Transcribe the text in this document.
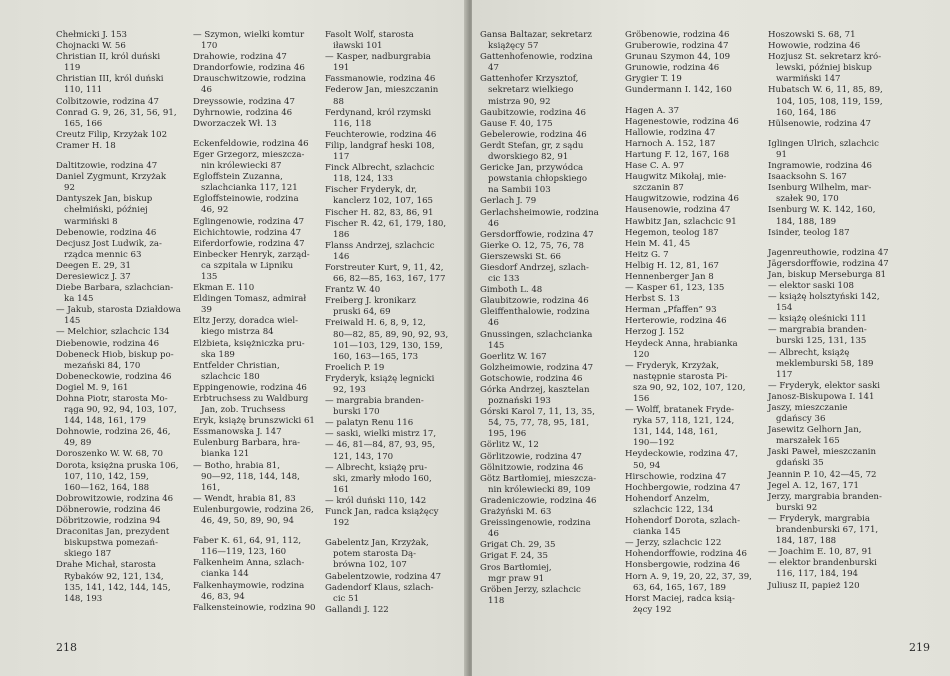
Chełmicki J. 153
Chojnacki W. 56
Christian II, król duński
119
Christian III, król duński
110, 111
Colbitzowie, rodzina 47
Conrad G. 9, 26, 31, 56, 91,
165, 166
Creutz Filip, Krzyżak 102
Cramer H. 18
Daltitzowie, rodzina 47
Daniel Zygmunt, Krzyżak
92
Dantyszek Jan, biskup
chełmiński, później
warmiński 8
Debenowie, rodzina 46
Decjusz Jost Ludwik, za-
rządca mennic 63
Deegen E. 29, 31
Deresiewicz J. 37
Diebe Barbara, szlachcian-
ka 145
— Jakub, starosta Działdowa 145
— Melchior, szlachcic 134
Diebenowie, rodzina 46
Dobeneck Hiob, biskup po-
mezański 84, 170
Dobeneckowie, rodzina 46
Dogiel M. 9, 161
Dohna Piotr, starosta Mo-
rąga 90, 92, 94, 103, 107,
144, 148, 161, 179
Dohnowie, rodzina 26, 46,
49, 89
Doroszenko W. W. 68, 70
Dorota, księżna pruska 106,
107, 110, 142, 159,
160—162, 164, 188
Dobrowitzowie, rodzina 46
Döbnerowie, rodzina 46
Döbritzowie, rodzina 94
Draconitas Jan, prezydent
biskupstwa pomezań-
skiego 187
Drahe Michał, starosta
Rybaków 92, 121, 134,
135, 141, 142, 144, 145,
148, 193
— Szymon, wielki komtur
170
Drahowie, rodzina 47
Drandorfowie, rodzina 46
Drauschwitzowie, rodzina
46
Dreyssowie, rodzina 47
Dyhrnowie, rodzina 46
Dworzaczek Wł. 13
Eckenfeldowie, rodzina 46
Eger Grzegorz, mieszcza-
nin królewiecki 87
Egloffstein Zuzanna,
szlachcianka 117, 121
Egloffsteinowie, rodzina
46, 92
Eglingenowie, rodzina 47
Eichichtowie, rodzina 47
Eiferdorfowie, rodzina 47
Einbecker Henryk, zarząd-
ca szpitala w Lipniku
135
Ekman E. 110
Eldingen Tomasz, admirał
39
Eltz Jerzy, doradca wiel-
kiego mistrza 84
Elżbieta, księżniczka pru-
ska 189
Entfelder Christian,
szlachcic 180
Eppingenowie, rodzina 46
Erbtruchsess zu Waldburg
Jan, zob. Truchsess
Eryk, książę brunszwicki 61
Essmanowska J. 147
Eulenburg Barbara, hra-
bianka 121
— Botho, hrabia 81,
90—92, 118, 144, 148,
161,
— Wendt, hrabia 81, 83
Eulenburgowie, rodzina 26,
46, 49, 50, 89, 90, 94
Faber K. 61, 64, 91, 112,
116—119, 123, 160
Falkenheim Anna, szlach-
cianka 144
Falkenhaymowie, rodzina
46, 83, 94
Falkensteinowie, rodzina 90
Fasolt Wolf, starosta
iławski 101
— Kasper, nadburgrabia
191
Fassmanowie, rodzina 46
Federow Jan, mieszczanin
88
Ferdynand, król rzymski
116, 118
Feuchterowie, rodzina 46
Filip, landgraf heski 108,
117
Finck Albrecht, szlachcic
118, 124, 133
Fischer Fryderyk, dr,
kanclerz 102, 107, 165
Fischer H. 82, 83, 86, 91
Fischer R. 42, 61, 179, 180,
186
Flanss Andrzej, szlachcic
146
Forstreuter Kurt, 9, 11, 42,
66, 82—85, 163, 167, 177
Frantz W. 40
Freiberg J. kronikarz
pruski 64, 69
Freiwald H. 6, 8, 9, 12,
80—82, 85, 89, 90, 92, 93,
101—103, 129, 130, 159,
160, 163—165, 173
Froelich P. 19
Fryderyk, książę legnicki
92, 193
— margrabia branden-
burski 170
— palatyn Renu 116
— saski, wielki mistrz 17,
— 46, 81—84, 87, 93, 95,
121, 143, 170
— Albrecht, książę pru-
ski, zmarły młodo 160,
161
— król duński 110, 142
Funck Jan, radca książęcy
192
Gabelentz Jan, Krzyżak,
potem starosta Dą-
brówna 102, 107
Gabelentzowie, rodzina 47
Gadendorf Klaus, szlach-
cic 51
Gallandi J. 122
218
Gansa Baltazar, sekretarz
książęcy 57
Gattenhofenowie, rodzina
47
Gattenhofer Krzysztof,
sekretarz wielkiego
mistrza 90, 92
Gaubitzowie, rodzina 46
Gause F. 40, 175
Gebelerowie, rodzina 46
Gerdt Stefan, gr, z sądu
dworskiego 82, 91
Gericke Jan, przywódca
powstania chłopskiego
na Sambii 103
Gerlach J. 79
Gerlachsheimowie, rodzina
46
Gersdorffowie, rodzina 47
Gierke O. 12, 75, 76, 78
Gierszewski St. 66
Giesdorf Andrzej, szlach-
cic 133
Gimboth L. 48
Glaubitzowie, rodzina 46
Gleiffenthalowie, rodzina
46
Gnussingen, szlachcianka
145
Goerlitz W. 167
Golzheimowie, rodzina 47
Gotschowie, rodzina 46
Górka Andrzej, kasztelan
poznański 193
Górski Karol 7, 11, 13, 35,
54, 75, 77, 78, 95, 181,
195, 196
Görlitz W., 12
Görlitzowie, rodzina 47
Gölnitzowie, rodzina 46
Götz Bartłomiej, mieszcza-
nin królewiecki 89, 109
Gradeniczowie, rodzina 46
Grażyński M. 63
Greissingenowie, rodzina
46
Grigat Ch. 29, 35
Grigat F. 24, 35
Gros Bartłomiej,
mgr praw 91
Gröben Jerzy, szlachcic
118
Gröbenowie, rodzina 46
Gruberowie, rodzina 47
Grunau Szymon 44, 109
Grunowie, rodzina 46
Grygier T. 19
Gundermann I. 142, 160
Hagen A. 37
Hagenestowie, rodzina 46
Hallowie, rodzina 47
Harnoch A. 152, 187
Hartung F. 12, 167, 168
Hase C. A. 97
Haugwitz Mikołaj, mie-
szczanin 87
Haugwitzowie, rodzina 46
Hausenowie, rodzina 47
Hawbitz Jan, szlachcic 91
Hegemon, teolog 187
Hein M. 41, 45
Heitz G. 7
Helbig H. 12, 81, 167
Hennenberger Jan 8
— Kasper 61, 123, 135
Herbst S. 13
Herman „Pfaffen” 93
Herterowie, rodzina 46
Herzog J. 152
Heydeck Anna, hrabianka
120
— Fryderyk, Krzyżak,
następnie starosta Pi-
sza 90, 92, 102, 107, 120,
156
— Wolff, bratanek Fryde-
ryka 57, 118, 121, 124,
131, 144, 148, 161,
190—192
Heydeckowie, rodzina 47,
50, 94
Hirschowie, rodzina 47
Hochbergowie, rodzina 47
Hohendorf Anzelm,
szlachcic 122, 134
Hohendorf Dorota, szlach-
cianka 145
— Jerzy, szlachcic 122
Hohendorffowie, rodzina 46
Honsbergowie, rodzina 46
Horn A. 9, 19, 20, 22, 37, 39,
63, 64, 165, 167, 189
Horst Maciej, radca ksią-
żęcy 192
Hoszowski S. 68, 71
Howowie, rodzina 46
Hozjusz St. sekretarz kró-
lewski, później biskup
warmiński 147
Hubatsch W. 6, 11, 85, 89,
104, 105, 108, 119, 159,
160, 164, 186
Hülsenowie, rodzina 47
Iglingen Ulrich, szlachcic
91
Ingramowie, rodzina 46
Isaacksohn S. 167
Isenburg Wilhelm, mar-
szałek 90, 170
Isenburg W. K. 142, 160,
184, 188, 189
Isinder, teolog 187
Jagenreuthowie, rodzina 47
Jägersdorffowie, rodzina 47
Jan, biskup Merseburga 81
— elektor saski 108
— książę holsztyński 142,
154
— książę oleśnicki 111
— margrabia branden-
burski 125, 131, 135
— Albrecht, książę
meklemburski 58, 189
117
— Fryderyk, elektor saski
Janosz-Biskupowa I. 141
Jaszy, mieszczanie
gdańscy 36
Jasewitz Gelhorn Jan,
marszałek 165
Jaski Paweł, mieszczanin
gdański 35
Jeannin P. 10, 42—45, 72
Jegel A. 12, 167, 171
Jerzy, margrabia branden-
burski 92
— Fryderyk, margrabia
brandenburski 67, 171,
184, 187, 188
— Joachim E. 10, 87, 91
— elektor brandenburski
116, 117, 184, 194
Juliusz II, papież 120
219
